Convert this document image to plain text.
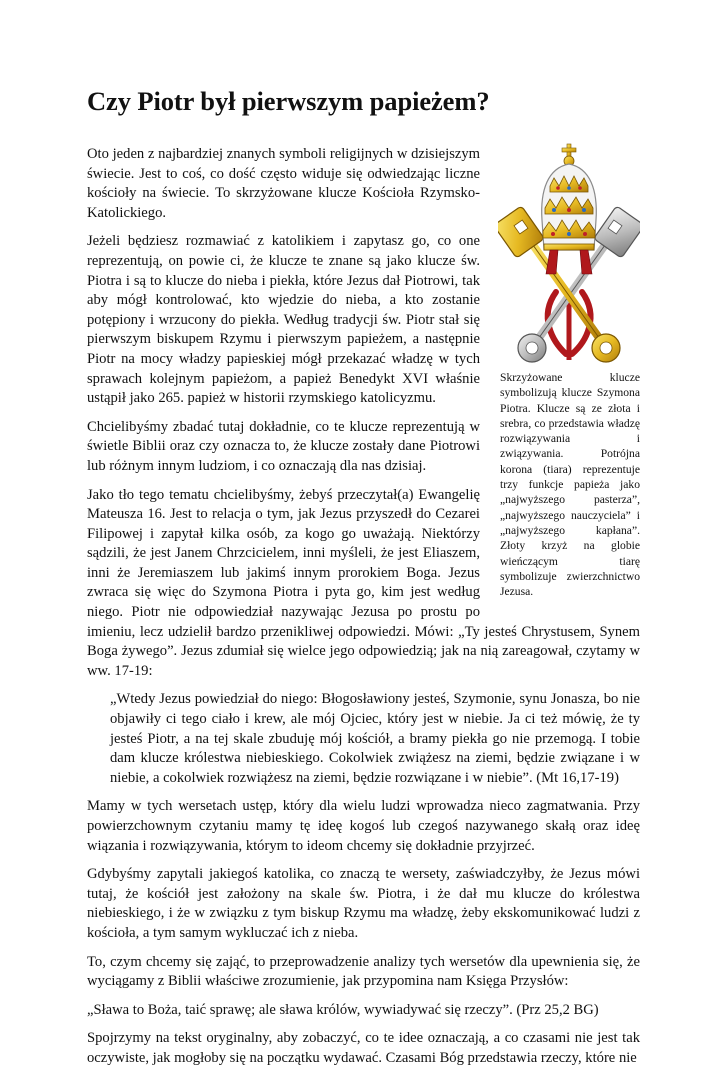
Czy Piotr był pierwszym papieżem?

Skrzyżowane klucze symbolizują klucze Szymona Piotra. Klucze są ze złota i srebra, co przedstawia władzę rozwiązywania i związywania. Potrójna korona (tiara) reprezentuje trzy funkcje papieża jako „najwyższego pasterza”, „najwyższego nauczyciela” i „najwyższego kapłana”. Złoty krzyż na globie wieńczącym tiarę symbolizuje zwierzchnictwo Jezusa.

Oto jeden z najbardziej znanych symboli religijnych w dzisiejszym świecie. Jest to coś, co dość często widuje się odwiedzając liczne kościoły na świecie. To skrzyżowane klucze Kościoła Rzymsko-Katolickiego.

Jeżeli będziesz rozmawiać z katolikiem i zapytasz go, co one reprezentują, on powie ci, że klucze te znane są jako klucze św. Piotra i są to klucze do nieba i piekła, które Jezus dał Piotrowi, tak aby mógł kontrolować, kto wjedzie do nieba, a kto zostanie potępiony i wrzucony do piekła. Według tradycji św. Piotr stał się pierwszym biskupem Rzymu i pierwszym papieżem, a następnie Piotr na mocy władzy papieskiej mógł przekazać władzę w tych sprawach kolejnym papieżom, a papież Benedykt XVI właśnie ustąpił jako 265. papież w historii rzymskiego katolicyzmu.

Chcielibyśmy zbadać tutaj dokładnie, co te klucze reprezentują w świetle Biblii oraz czy oznacza to, że klucze zostały dane Piotrowi lub różnym innym ludziom, i co oznaczają dla nas dzisiaj.

Jako tło tego tematu chcielibyśmy, żebyś przeczytał(a) Ewangelię Mateusza 16. Jest to relacja o tym, jak Jezus przyszedł do Cezarei Filipowej i zapytał kilka osób, za kogo go uważają. Niektórzy sądzili, że jest Janem Chrzcicielem, inni myśleli, że jest Eliaszem, inni że Jeremiaszem lub jakimś innym prorokiem Boga. Jezus zwraca się więc do Szymona Piotra i pyta go, kim jest według niego. Piotr nie odpowiedział nazywając Jezusa po prostu po imieniu, lecz udzielił bardzo przenikliwej odpowiedzi. Mówi: „Ty jesteś Chrystusem, Synem Boga żywego”. Jezus zdumiał się wielce jego odpowiedzią; jak na nią zareagował, czytamy w ww. 17-19:

„Wtedy Jezus powiedział do niego: Błogosławiony jesteś, Szymonie, synu Jonasza, bo nie objawiły ci tego ciało i krew, ale mój Ojciec, który jest w niebie. Ja ci też mówię, że ty jesteś Piotr, a na tej skale zbuduję mój kościół, a bramy piekła go nie przemogą. I tobie dam klucze królestwa niebieskiego. Cokolwiek zwiążesz na ziemi, będzie związane i w niebie, a cokolwiek rozwiążesz na ziemi, będzie rozwiązane i w niebie”. (Mt 16,17-19)

Mamy w tych wersetach ustęp, który dla wielu ludzi wprowadza nieco zagmatwania. Przy powierzchownym czytaniu mamy tę ideę kogoś lub czegoś nazywanego skałą oraz ideę wiązania i rozwiązywania, którym to ideom chcemy się dokładnie przyjrzeć.

Gdybyśmy zapytali jakiegoś katolika, co znaczą te wersety, zaświadczyłby, że Jezus mówi tutaj, że kościół jest założony na skale św. Piotra, i że dał mu klucze do królestwa niebieskiego, i że w związku z tym biskup Rzymu ma władzę, żeby ekskomunikować ludzi z kościoła, a tym samym wykluczać ich z nieba.

To, czym chcemy się zająć, to przeprowadzenie analizy tych wersetów dla upewnienia się, że wyciągamy z Biblii właściwe zrozumienie, jak przypomina nam Księga Przysłów:

„Sława to Boża, taić sprawę; ale sława królów, wywiadywać się rzeczy”. (Prz 25,2 BG)

Spojrzymy na tekst oryginalny, aby zobaczyć, co te idee oznaczają, a co czasami nie jest tak oczywiste, jak mogłoby się na początku wydawać. Czasami Bóg przedstawia rzeczy, które nie
